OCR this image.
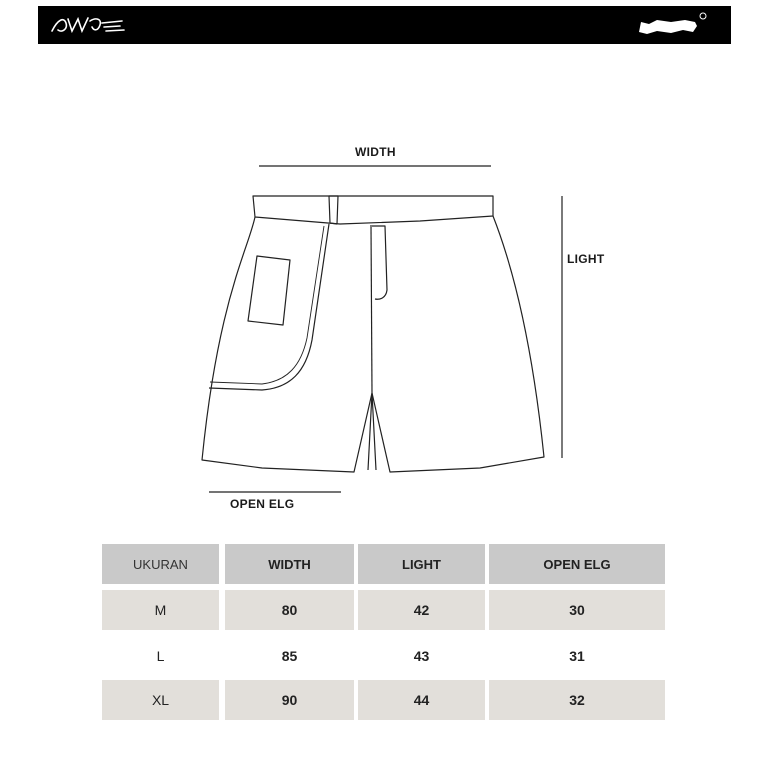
WIDTH
LIGHT
OPEN ELG
UKURAN	WIDTH	LIGHT	OPEN ELG
M	80	42	30
L	85	43	31
XL	90	44	32
